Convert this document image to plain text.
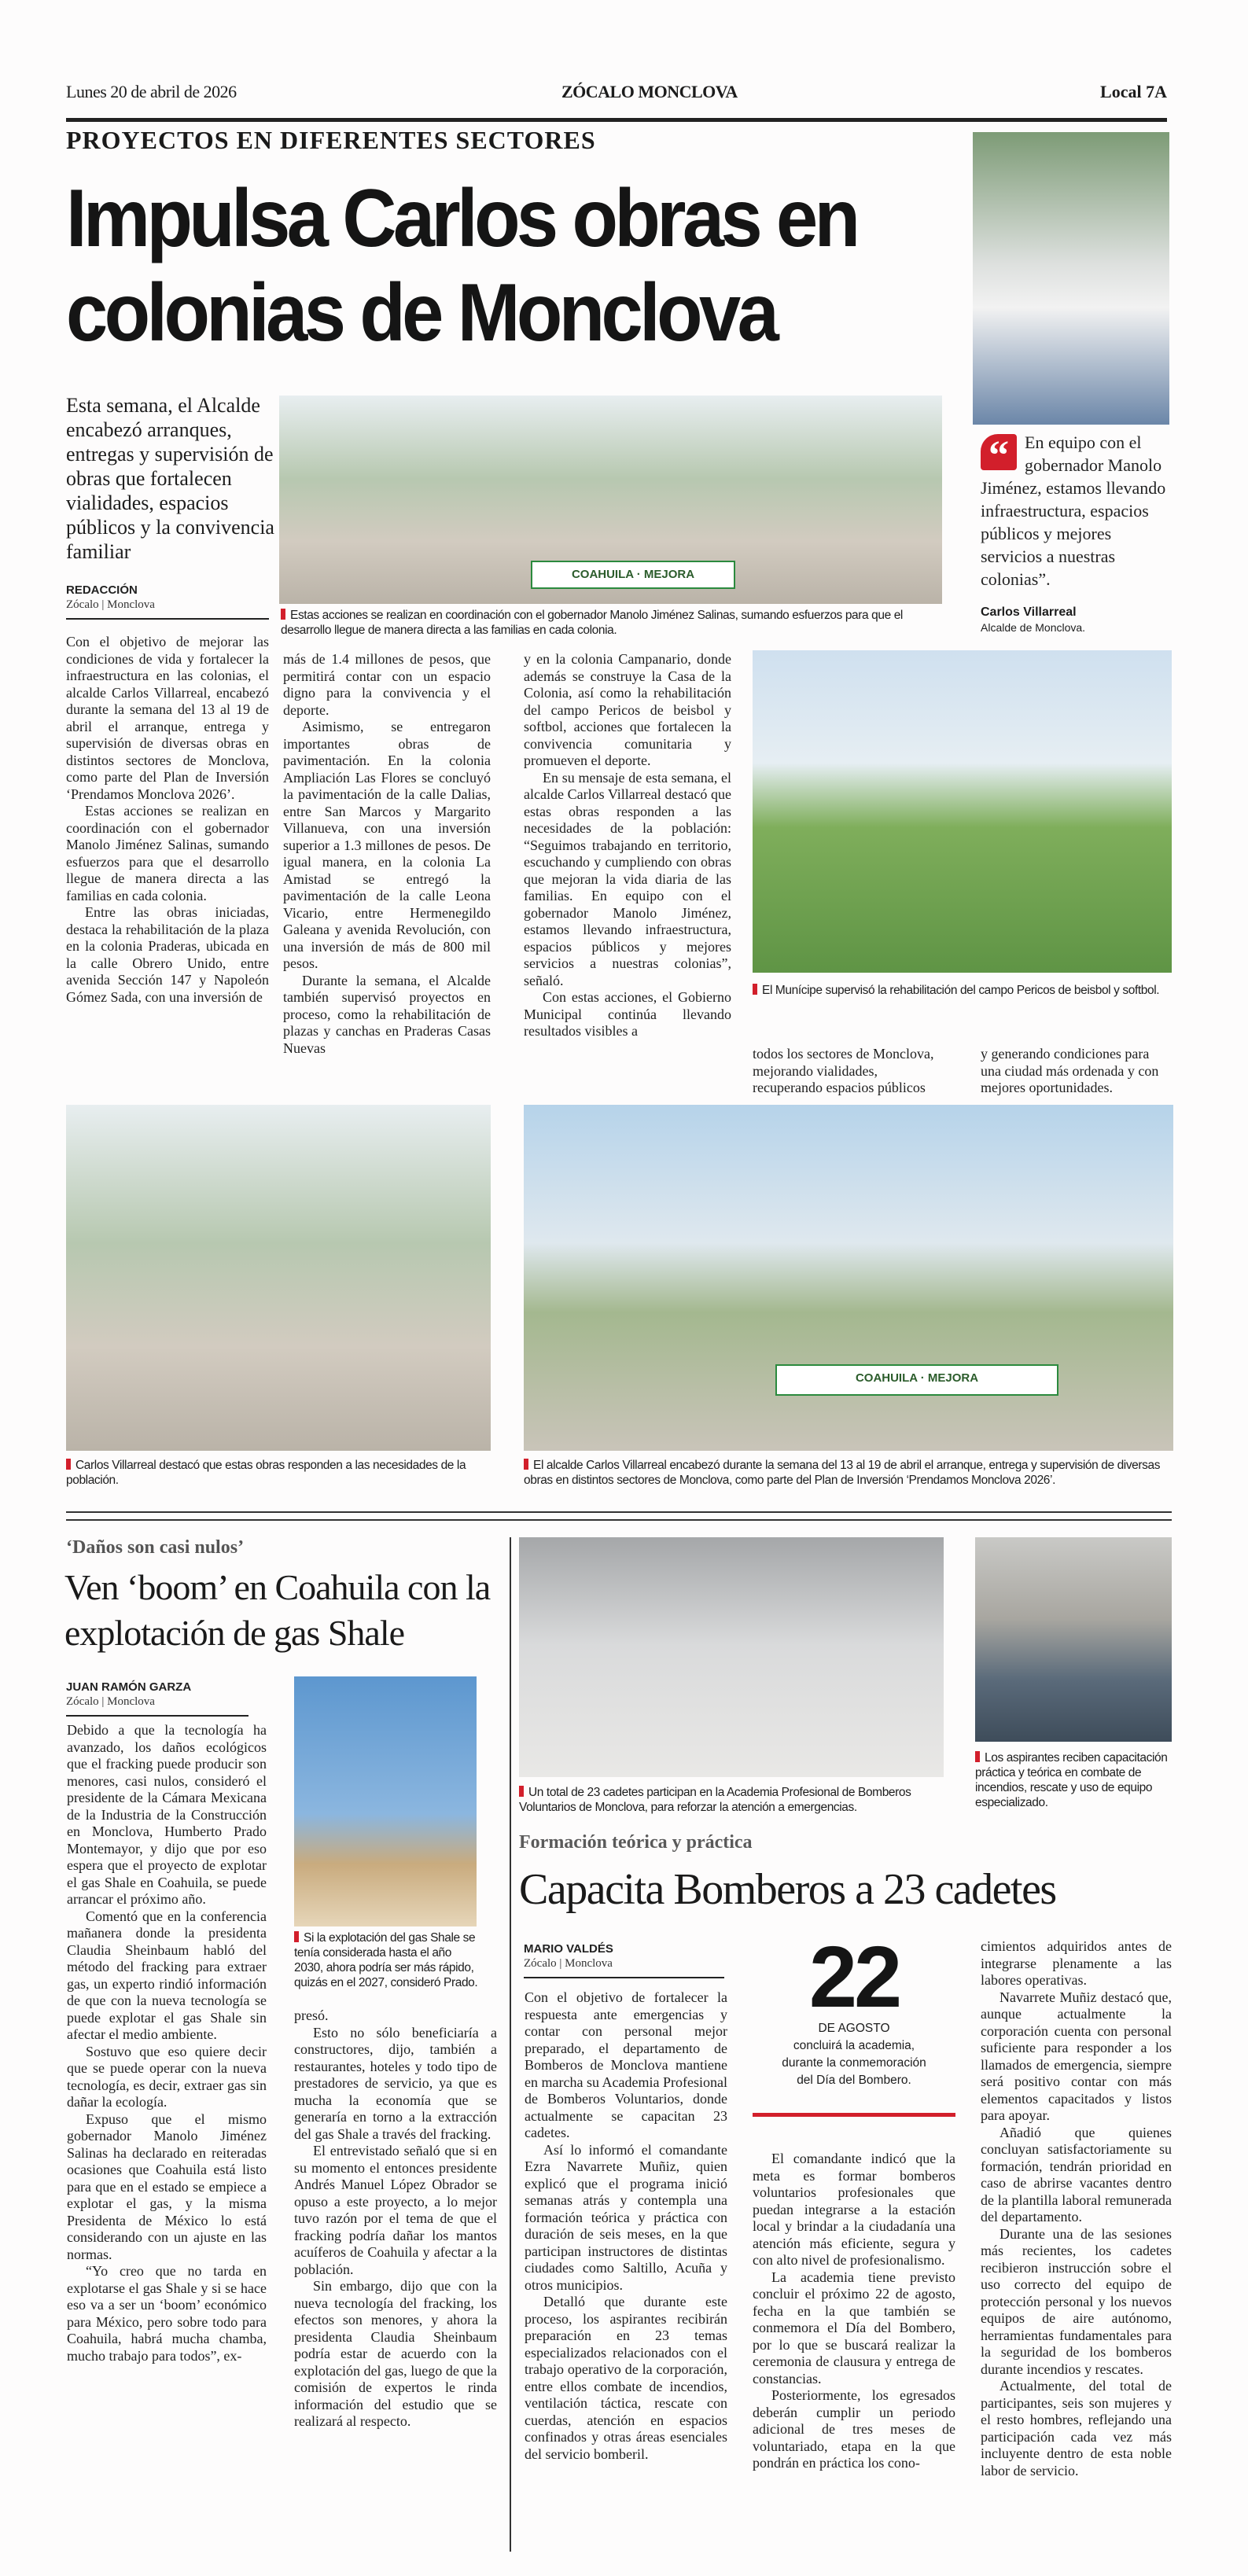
Lunes 20 de abril de 2026	ZÓCALO MONCLOVA	Local 7A
PROYECTOS EN DIFERENTES SECTORES
Impulsa Carlos obras en
colonias de Monclova
Esta semana, el Alcalde encabezó arranques, entregas y supervisión de obras que fortalecen vialidades, espacios públicos y la convivencia familiar
REDACCIÓN
Zócalo | Monclova
COAHUILA · MEJORA
Estas acciones se realizan en coordinación con el gobernador Manolo Jiménez Salinas, sumando esfuerzos para que el desarrollo llegue de manera directa a las familias en cada colonia.
“ En equipo con el gobernador Manolo Jiménez, estamos llevando infraestructura, espacios públicos y mejores servicios a nuestras colonias”.
Carlos Villarreal
Alcalde de Monclova.

Con el objetivo de mejorar las condiciones de vida y fortalecer la infraestructura en las colonias, el alcalde Carlos Villarreal, encabezó durante la semana del 13 al 19 de abril el arranque, entrega y supervisión de diversas obras en distintos sectores de Monclova, como parte del Plan de Inversión ‘Prendamos Monclova 2026’.

Estas acciones se realizan en coordinación con el gobernador Manolo Jiménez Salinas, sumando esfuerzos para que el desarrollo llegue de manera directa a las familias en cada colonia.

Entre las obras iniciadas, destaca la rehabilitación de la plaza en la colonia Praderas, ubicada en la calle Obrero Unido, entre avenida Sección 147 y Napoleón Gómez Sada, con una inversión de

más de 1.4 millones de pesos, que permitirá contar con un espacio digno para la convivencia y el deporte.

Asimismo, se entregaron importantes obras de pavimentación. En la colonia Ampliación Las Flores se concluyó la pavimentación de la calle Dalias, entre San Marcos y Margarito Villanueva, con una inversión superior a 1.3 millones de pesos. De igual manera, en la colonia La Amistad se entregó la pavimentación de la calle Leona Vicario, entre Hermenegildo Galeana y avenida Revolución, con una inversión de más de 800 mil pesos.

Durante la semana, el Alcalde también supervisó proyectos en proceso, como la rehabilitación de plazas y canchas en Praderas Casas Nuevas

y en la colonia Campanario, donde además se construye la Casa de la Colonia, así como la rehabilitación del campo Pericos de beisbol y softbol, acciones que fortalecen la convivencia comunitaria y promueven el deporte.

En su mensaje de esta semana, el alcalde Carlos Villarreal destacó que estas obras responden a las necesidades de la población: “Seguimos trabajando en territorio, escuchando y cumpliendo con obras que mejoran la vida diaria de las familias. En equipo con el gobernador Manolo Jiménez, estamos llevando infraestructura, espacios públicos y mejores servicios a nuestras colonias”, señaló.

Con estas acciones, el Gobierno Municipal continúa llevando resultados visibles a

El Munícipe supervisó la rehabilitación del campo Pericos de beisbol y softbol.

todos los sectores de Monclova, mejorando vialidades, recuperando espacios públicos

y generando condiciones para una ciudad más ordenada y con mejores oportunidades.

Carlos Villarreal destacó que estas obras responden a las necesidades de la población.
COAHUILA · MEJORA
El alcalde Carlos Villarreal encabezó durante la semana del 13 al 19 de abril el arranque, entrega y supervisión de diversas obras en distintos sectores de Monclova, como parte del Plan de Inversión ‘Prendamos Monclova 2026’.
‘Daños son casi nulos’
Ven ‘boom’ en Coahuila con la explotación de gas Shale
JUAN RAMÓN GARZA
Zócalo | Monclova

Debido a que la tecnología ha avanzado, los daños ecológicos que el fracking puede producir son menores, casi nulos, consideró el presidente de la Cámara Mexicana de la Industria de la Construcción en Monclova, Humberto Prado Montemayor, y dijo que por eso espera que el proyecto de explotar el gas Shale en Coahuila, se puede arrancar el próximo año.

Comentó que en la conferencia mañanera donde la presidenta Claudia Sheinbaum habló del método del fracking para extraer gas, un experto rindió información de que con la nueva tecnología se puede explotar el gas Shale sin afectar el medio ambiente.

Sostuvo que eso quiere decir que se puede operar con la nueva tecnología, es decir, extraer gas sin dañar la ecología.

Expuso que el mismo gobernador Manolo Jiménez Salinas ha declarado en reiteradas ocasiones que Coahuila está listo para que en el estado se empiece a explotar el gas, y la misma Presidenta de México lo está considerando con un ajuste en las normas.

“Yo creo que no tarda en explotarse el gas Shale y si se hace eso va a ser un ‘boom’ económico para México, pero sobre todo para Coahuila, habrá mucha chamba, mucho trabajo para todos”, ex-

Si la explotación del gas Shale se tenía considerada hasta el año 2030, ahora podría ser más rápido, quizás en el 2027, consideró Prado.

presó.

Esto no sólo beneficiaría a constructores, dijo, también a restaurantes, hoteles y todo tipo de prestadores de servicio, ya que es mucha la economía que se generaría en torno a la extracción del gas Shale a través del fracking.

El entrevistado señaló que si en su momento el entonces presidente Andrés Manuel López Obrador se opuso a este proyecto, a lo mejor tuvo razón por el tema de que el fracking podría dañar los mantos acuíferos de Coahuila y afectar a la población.

Sin embargo, dijo que con la nueva tecnología del fracking, los efectos son menores, y ahora la presidenta Claudia Sheinbaum podría estar de acuerdo con la explotación del gas, luego de que la comisión de expertos le rinda información del estudio que se realizará al respecto.

Un total de 23 cadetes participan en la Academia Profesional de Bomberos Voluntarios de Monclova, para reforzar la atención a emergencias.
Los aspirantes reciben capacitación práctica y teórica en combate de incendios, rescate y uso de equipo especializado.
Formación teórica y práctica
Capacita Bomberos a 23 cadetes
MARIO VALDÉS
Zócalo | Monclova

Con el objetivo de fortalecer la respuesta ante emergencias y contar con personal mejor preparado, el departamento de Bomberos de Monclova mantiene en marcha su Academia Profesional de Bomberos Voluntarios, donde actualmente se capacitan 23 cadetes.

Así lo informó el comandante Ezra Navarrete Muñiz, quien explicó que el programa inició semanas atrás y contempla una formación teórica y práctica con duración de seis meses, en la que participan instructores de distintas ciudades como Saltillo, Acuña y otros municipios.

Detalló que durante este proceso, los aspirantes recibirán preparación en 23 temas especializados relacionados con el trabajo operativo de la corporación, entre ellos combate de incendios, ventilación táctica, rescate con cuerdas, atención en espacios confinados y otras áreas esenciales del servicio bomberil.

22
DE AGOSTO
concluirá la academia,
durante la conmemoración
del Día del Bombero.

El comandante indicó que la meta es formar bomberos voluntarios profesionales que puedan integrarse a la estación local y brindar a la ciudadanía una atención más eficiente, segura y con alto nivel de profesionalismo.

La academia tiene previsto concluir el próximo 22 de agosto, fecha en la que también se conmemora el Día del Bombero, por lo que se buscará realizar la ceremonia de clausura y entrega de constancias.

Posteriormente, los egresados deberán cumplir un periodo adicional de tres meses de voluntariado, etapa en la que pondrán en práctica los cono-

cimientos adquiridos antes de integrarse plenamente a las labores operativas.

Navarrete Muñiz destacó que, aunque actualmente la corporación cuenta con personal suficiente para responder a los llamados de emergencia, siempre será positivo contar con más elementos capacitados y listos para apoyar.

Añadió que quienes concluyan satisfactoriamente su formación, tendrán prioridad en caso de abrirse vacantes dentro de la plantilla laboral remunerada del departamento.

Durante una de las sesiones más recientes, los cadetes recibieron instrucción sobre el uso correcto del equipo de protección personal y los nuevos equipos de aire autónomo, herramientas fundamentales para la seguridad de los bomberos durante incendios y rescates.

Actualmente, del total de participantes, seis son mujeres y el resto hombres, reflejando una participación cada vez más incluyente dentro de esta noble labor de servicio.
